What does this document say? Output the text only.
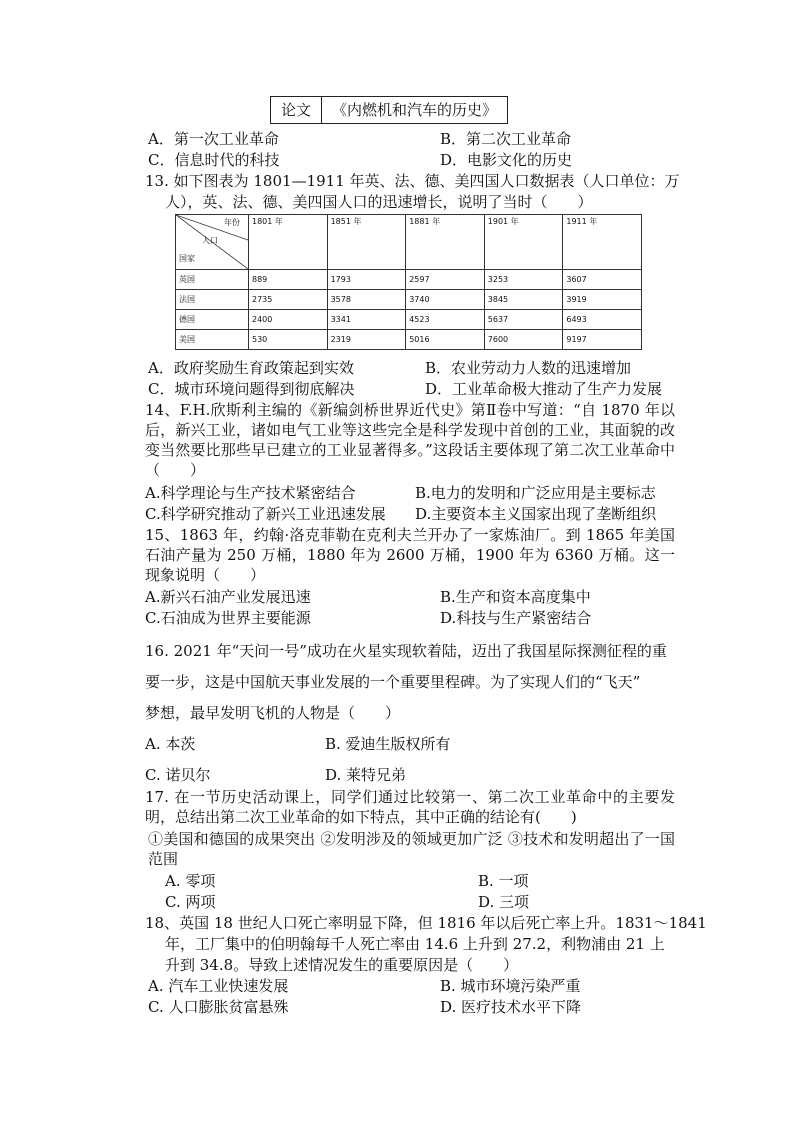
论文	《内燃机和汽车的历史》
A．第一次工业革命	B．第二次工业革命
C．信息时代的科技	D．电影文化的历史
13. 如下图表为 1801—1911 年英、法、德、美四国人口数据表（人口单位：万
人），英、法、德、美四国人口的迅速增长，说明了当时（　　）
年份
人口
国家	1801 年	1851 年	1881 年	1901 年	1911 年
英国	889	1793	2597	3253	3607
法国	2735	3578	3740	3845	3919
德国	2400	3341	4523	5637	6493
美国	530	2319	5016	7600	9197
A．政府奖励生育政策起到实效	B．农业劳动力人数的迅速增加
C．城市环境问题得到彻底解决	D．工业革命极大推动了生产力发展
14、F.H.欣斯利主编的《新编剑桥世界近代史》第Ⅱ卷中写道：“自 1870 年以后，新兴工业，诸如电气工业等这些完全是科学发现中首创的工业，其面貌的改变当然要比那些早已建立的工业显著得多。”这段话主要体现了第二次工业革命中（　　）
A.科学理论与生产技术紧密结合	B.电力的发明和广泛应用是主要标志
C.科学研究推动了新兴工业迅速发展 D.主要资本主义国家出现了垄断组织
15、1863 年，约翰·洛克菲勒在克利夫兰开办了一家炼油厂。到 1865 年美国石油产量为 250 万桶，1880 年为 2600 万桶，1900 年为 6360 万桶。这一现象说明（　　）
A.新兴石油产业发展迅速	B.生产和资本高度集中
C.石油成为世界主要能源	D.科技与生产紧密结合
16. 2021 年“天问一号”成功在火星实现软着陆，迈出了我国星际探测征程的重
要一步，这是中国航天事业发展的一个重要里程碑。为了实现人们的“飞天”
梦想，最早发明飞机的人物是（　　）
A. 本茨	B. 爱迪生版权所有
C. 诺贝尔	D. 莱特兄弟
17. 在一节历史活动课上，同学们通过比较第一、第二次工业革命中的主要发明，总结出第二次工业革命的如下特点，其中正确的结论有(　　)
①美国和德国的成果突出 ②发明涉及的领域更加广泛 ③技术和发明超出了一国范围
A. 零项	B. 一项
C. 两项	D. 三项
18、英国 18 世纪人口死亡率明显下降，但 1816 年以后死亡率上升。1831～1841
年，工厂集中的伯明翰每千人死亡率由 14.6 上升到 27.2，利物浦由 21 上
升到 34.8。导致上述情况发生的重要原因是（　　）
A. 汽车工业快速发展	B. 城市环境污染严重
C. 人口膨胀贫富悬殊	D. 医疗技术水平下降
